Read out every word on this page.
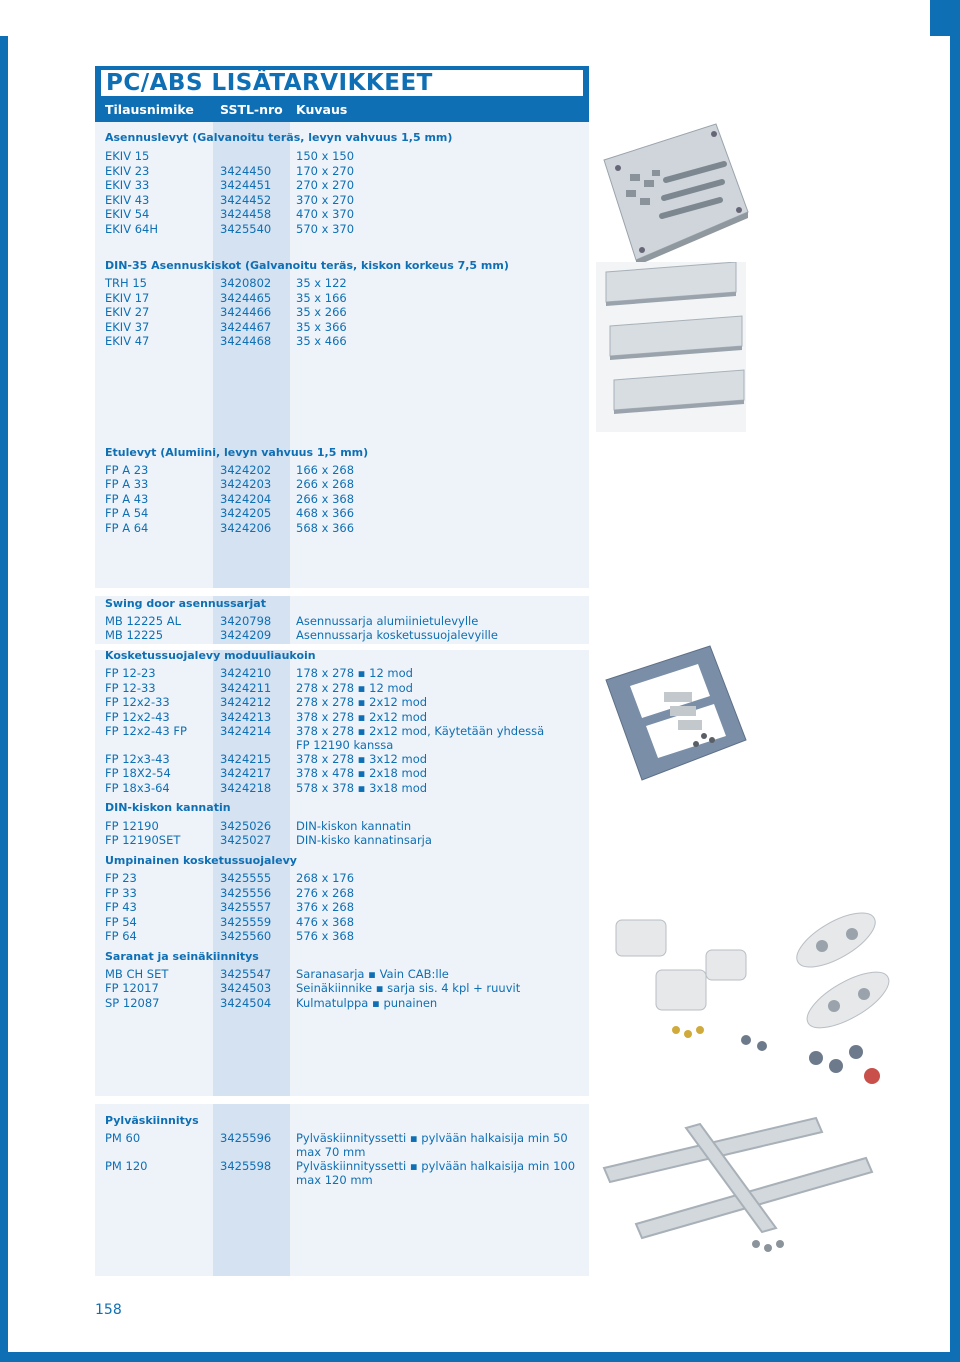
PC/ABS LISÄTARVIKKEET
Tilausnimike SSTL-nro Kuvaus
Asennuslevyt (Galvanoitu teräs, levyn vahvuus 1,5 mm)
EKIV 15	150 x 150
EKIV 23	3424450 170 x 270
EKIV 33	3424451 270 x 270
EKIV 43	3424452 370 x 270
EKIV 54	3424458 470 x 370
EKIV 64H	3425540 570 x 370
DIN-35 Asennuskiskot (Galvanoitu teräs, kiskon korkeus 7,5 mm)
TRH 15	3420802 35 x 122
EKIV 17	3424465 35 x 166
EKIV 27	3424466 35 x 266
EKIV 37	3424467 35 x 366
EKIV 47	3424468 35 x 466
Etulevyt (Alumiini, levyn vahvuus 1,5 mm)
FP A 23	3424202 166 x 268
FP A 33	3424203 266 x 268
FP A 43	3424204 266 x 368
FP A 54	3424205 468 x 366
FP A 64	3424206 568 x 366
Swing door asennussarjat
MB 12225 AL	3420798 Asennussarja alumiinietulevylle
MB 12225	3424209 Asennussarja kosketussuojalevyille
Kosketussuojalevy moduuliaukoin
FP 12-23	3424210 178 x 278 ▪ 12 mod
FP 12-33	3424211 278 x 278 ▪ 12 mod
FP 12x2-33	3424212 278 x 278 ▪ 2x12 mod
FP 12x2-43	3424213 378 x 278 ▪ 2x12 mod
FP 12x2-43 FP	3424214 378 x 278 ▪ 2x12 mod, Käytetään yhdessä
FP 12190 kanssa
FP 12x3-43	3424215 378 x 278 ▪ 3x12 mod
FP 18X2-54	3424217 378 x 478 ▪ 2x18 mod
FP 18x3-64	3424218 578 x 378 ▪ 3x18 mod
DIN-kiskon kannatin
FP 12190	3425026 DIN-kiskon kannatin
FP 12190SET	3425027 DIN-kisko kannatinsarja
Umpinainen kosketussuojalevy
FP 23	3425555 268 x 176
FP 33	3425556 276 x 268
FP 43	3425557 376 x 268
FP 54	3425559 476 x 368
FP 64	3425560 576 x 368
Saranat ja seinäkiinnitys
MB CH SET	3425547 Saranasarja ▪ Vain CAB:lle
FP 12017	3424503 Seinäkiinnike ▪ sarja sis. 4 kpl + ruuvit
SP 12087	3424504 Kulmatulppa ▪ punainen
Pylväskiinnitys
PM 60	3425596 Pylväskiinnityssetti ▪ pylvään halkaisija min 50
max 70 mm
PM 120	3425598 Pylväskiinnityssetti ▪ pylvään halkaisija min 100
max 120 mm
158
